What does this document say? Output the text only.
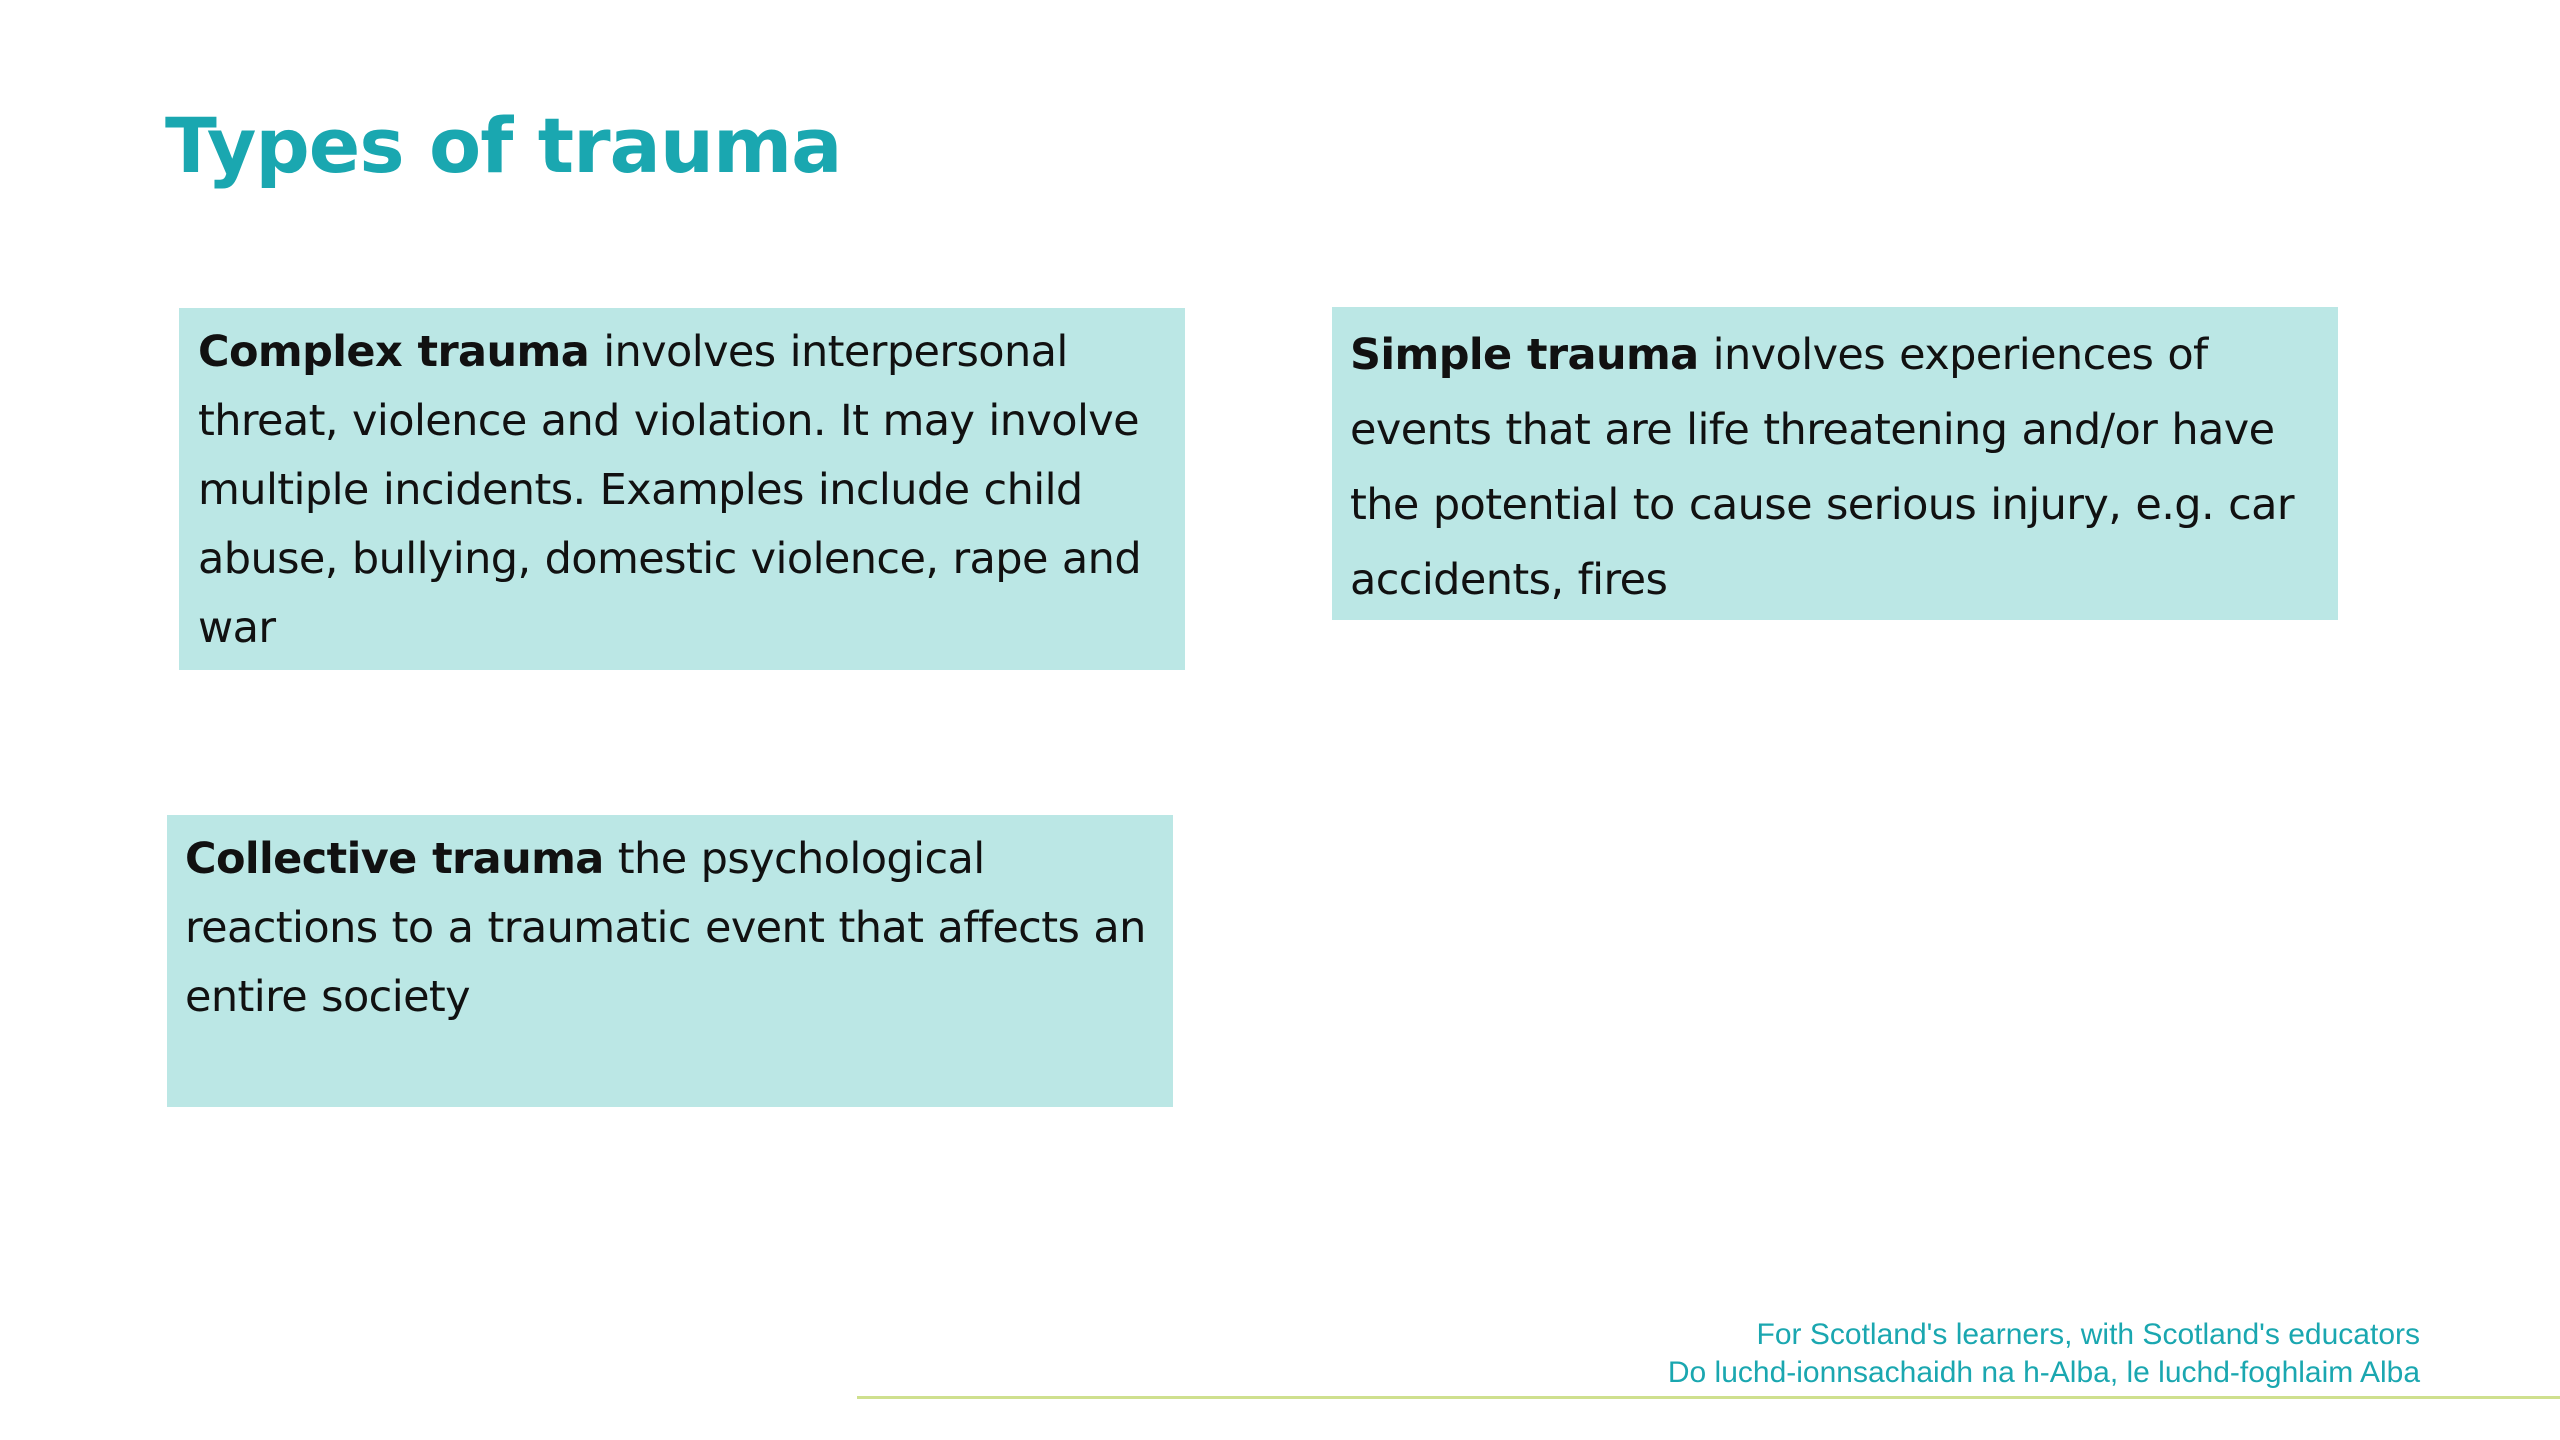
Types of trauma
Complex trauma involves interpersonal threat, violence and violation. It may involve multiple incidents. Examples include child abuse, bullying, domestic violence, rape and war
Simple trauma involves experiences of events that are life threatening and/or have the potential to cause serious injury, e.g. car accidents, fires
Collective trauma the psychological reactions to a traumatic event that affects an entire society
For Scotland's learners, with Scotland's educators
Do luchd-ionnsachaidh na h-Alba, le luchd-foghlaim Alba
